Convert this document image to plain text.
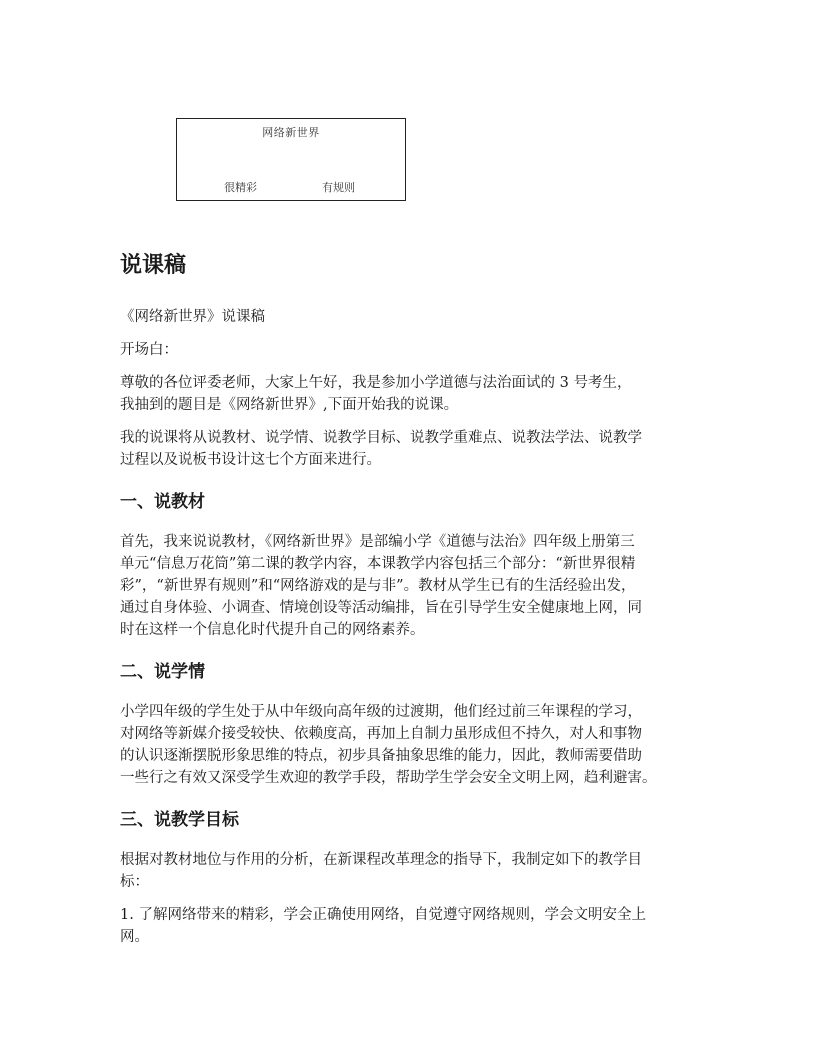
网络新世界
很精彩	有规则
说课稿

《网络新世界》说课稿

开场白：

尊敬的各位评委老师，大家上午好，我是参加小学道德与法治面试的 3 号考生，
我抽到的题目是《网络新世界》,下面开始我的说课。

我的说课将从说教材、说学情、说教学目标、说教学重难点、说教法学法、说教学
过程以及说板书设计这七个方面来进行。

一、说教材

首先，我来说说教材，《网络新世界》是部编小学《道德与法治》四年级上册第三
单元“信息万花筒”第二课的教学内容，本课教学内容包括三个部分：“新世界很精
彩”，“新世界有规则”和“网络游戏的是与非”。教材从学生已有的生活经验出发，
通过自身体验、小调查、情境创设等活动编排，旨在引导学生安全健康地上网，同
时在这样一个信息化时代提升自己的网络素养。

二、说学情

小学四年级的学生处于从中年级向高年级的过渡期，他们经过前三年课程的学习，
对网络等新媒介接受较快、依赖度高，再加上自制力虽形成但不持久，对人和事物
的认识逐渐摆脱形象思维的特点，初步具备抽象思维的能力，因此，教师需要借助
一些行之有效又深受学生欢迎的教学手段，帮助学生学会安全文明上网，趋利避害。

三、说教学目标

根据对教材地位与作用的分析，在新课程改革理念的指导下，我制定如下的教学目
标：

1. 了解网络带来的精彩，学会正确使用网络，自觉遵守网络规则，学会文明安全上
网。
